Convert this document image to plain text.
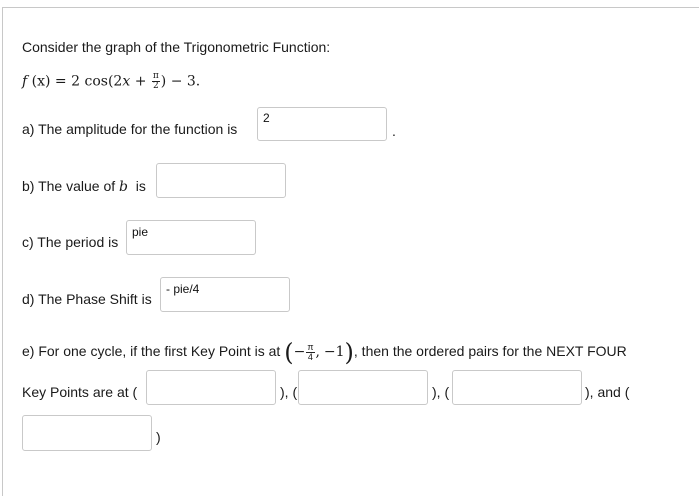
Consider the graph of the Trigonometric Function:
f (x) = 2 $\cos(2x + \frac{\pi}{2}$ ) − 3.
a) The amplitude for the function is
2	.
b) The value of b is
c) The period is
pie
d) The Phase Shift is
- pie/4
e) For one cycle, if the first Key Point is at (− $\frac{\pi}{4}$ , −1), then the ordered pairs for the NEXT FOUR
Key Points are at (	), (	), (	), and (
)
